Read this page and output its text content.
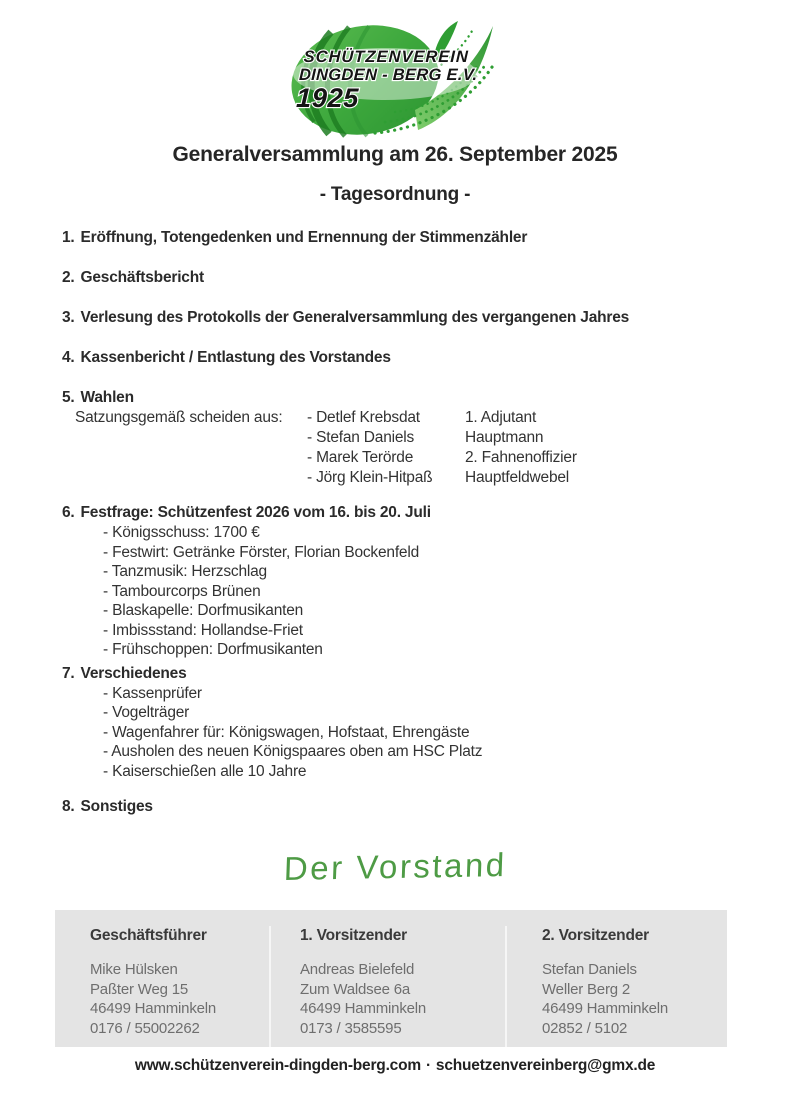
SCHÜTZENVEREIN
DINGDEN - BERG E.V.
1925
Generalversammlung am 26. September 2025
- Tagesordnung -
1. Eröffnung, Totengedenken und Ernennung der Stimmenzähler
2. Geschäftsbericht
3. Verlesung des Protokolls der Generalversammlung des vergangenen Jahres
4. Kassenbericht / Entlastung des Vorstandes
5. Wahlen
Satzungsgemäß scheiden aus:	- Detlef Krebsdat
- Stefan Daniels
- Marek Terörde
- Jörg Klein-Hitpaß
1. Adjutant
Hauptmann
2. Fahnenoffizier
Hauptfeldwebel
6. Festfrage: Schützenfest 2026 vom 16. bis 20. Juli
- Königsschuss: 1700 €
- Festwirt: Getränke Förster, Florian Bockenfeld
- Tanzmusik: Herzschlag
- Tambourcorps Brünen
- Blaskapelle: Dorfmusikanten
- Imbissstand: Hollandse-Friet
- Frühschoppen: Dorfmusikanten
7. Verschiedenes
- Kassenprüfer
- Vogelträger
- Wagenfahrer für: Königswagen, Hofstaat, Ehrengäste
- Ausholen des neuen Königspaares oben am HSC Platz
- Kaiserschießen alle 10 Jahre
8. Sonstiges
Der Vorstand
Geschäftsführer
Mike Hülsken
Paßter Weg 15
46499 Hamminkeln
0176 / 55002262
1. Vorsitzender
Andreas Bielefeld
Zum Waldsee 6a
46499 Hamminkeln
0173 / 3585595
2. Vorsitzender
Stefan Daniels
Weller Berg 2
46499 Hamminkeln
02852 / 5102
www.schützenverein-dingden-berg.com · schuetzenvereinberg@gmx.de
